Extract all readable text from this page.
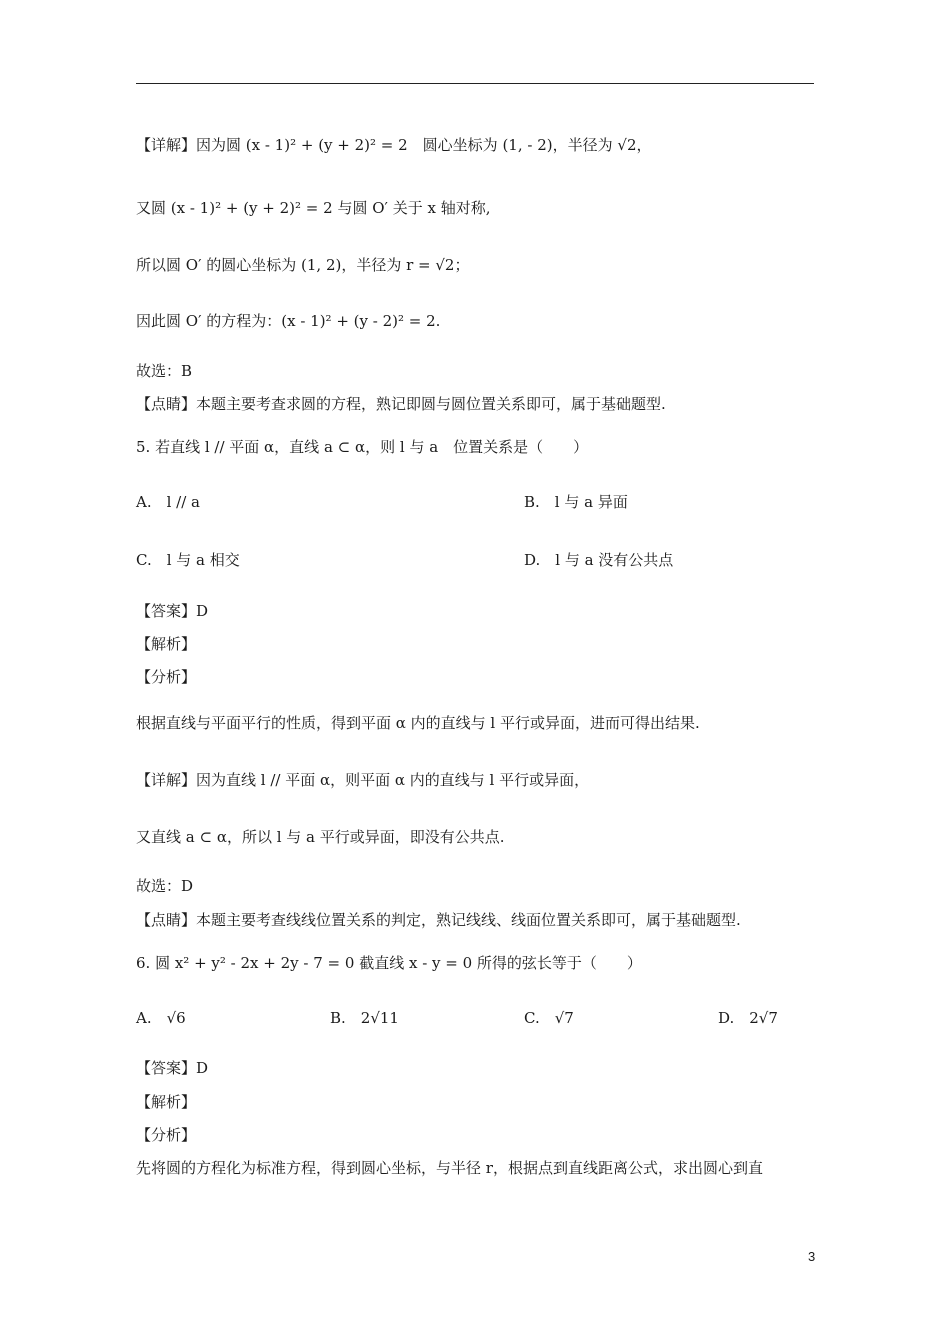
【详解】因为圆 (x - 1)² + (y + 2)² = 2　圆心坐标为 (1, - 2)，半径为 √2，
又圆 (x - 1)² + (y + 2)² = 2 与圆 O′ 关于 x 轴对称,
所以圆 O′ 的圆心坐标为 (1, 2)，半径为 r = √2；
因此圆 O′ 的方程为：(x - 1)² + (y - 2)² = 2.
故选：B
【点睛】本题主要考查求圆的方程，熟记即圆与圆位置关系即可，属于基础题型.
5. 若直线 l // 平面 α，直线 a ⊂ α，则 l 与 a　位置关系是（　　）
A.　l // a	B.　l 与 a 异面
C.　l 与 a 相交	D.　l 与 a 没有公共点
【答案】D
【解析】
【分析】
根据直线与平面平行的性质，得到平面 α 内的直线与 l 平行或异面，进而可得出结果.
【详解】因为直线 l // 平面 α，则平面 α 内的直线与 l 平行或异面，
又直线 a ⊂ α，所以 l 与 a 平行或异面，即没有公共点.
故选：D
【点睛】本题主要考查线线位置关系的判定，熟记线线、线面位置关系即可，属于基础题型.
6. 圆 x² + y² - 2x + 2y - 7 = 0 截直线 x - y = 0 所得的弦长等于（　　）
A.　√6	B.　2√11	C.　√7	D.　2√7
【答案】D
【解析】
【分析】
先将圆的方程化为标准方程，得到圆心坐标，与半径 r，根据点到直线距离公式，求出圆心到直
3
